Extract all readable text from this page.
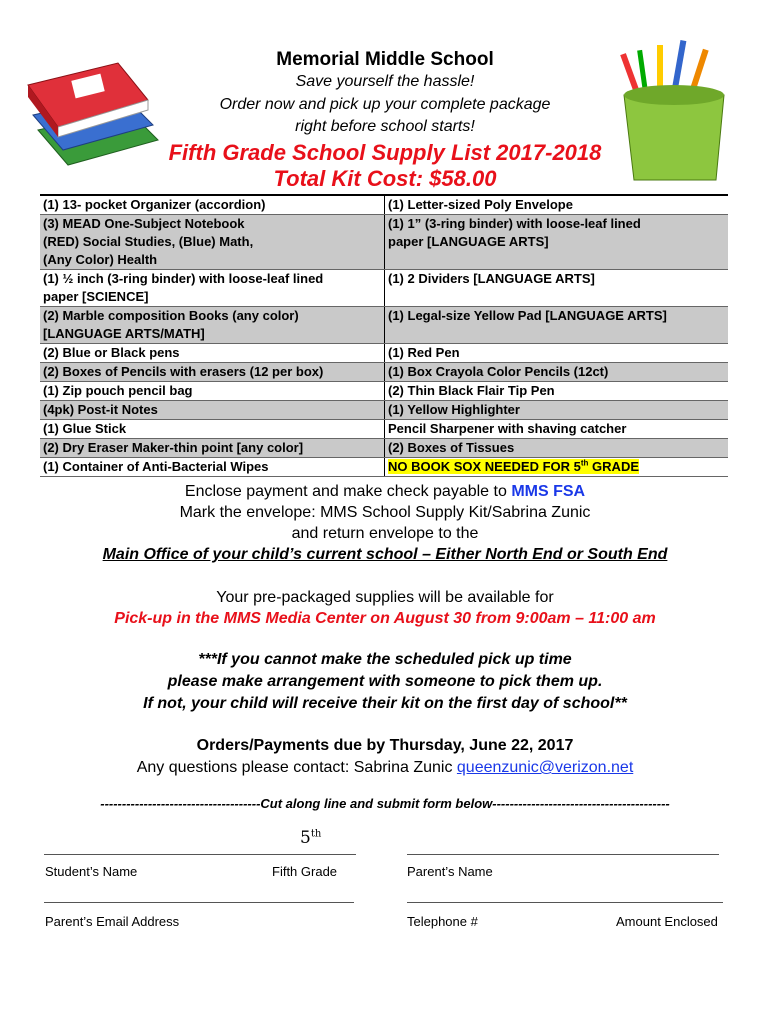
Memorial Middle School
Save yourself the hassle!
Order now and pick up your complete package
right before school starts!
Fifth Grade School Supply List 2017-2018
Total Kit Cost: $58.00
(1) 13- pocket Organizer (accordion)	(1) Letter-sized Poly Envelope
(3) MEAD One-Subject Notebook
(RED) Social Studies, (Blue) Math,
(Any Color) Health	(1) 1” (3-ring binder) with loose-leaf lined
paper [LANGUAGE ARTS]
(1) ½ inch (3-ring binder) with loose-leaf lined
paper [SCIENCE]	(1) 2 Dividers [LANGUAGE ARTS]
(2) Marble composition Books (any color)
[LANGUAGE ARTS/MATH]	(1) Legal-size Yellow Pad [LANGUAGE ARTS]
(2) Blue or Black pens	(1) Red Pen
(2) Boxes of Pencils with erasers (12 per box)	(1) Box Crayola Color Pencils (12ct)
(1) Zip pouch pencil bag	(2) Thin Black Flair Tip Pen
(4pk) Post-it Notes	(1) Yellow Highlighter
(1) Glue Stick	Pencil Sharpener with shaving catcher
(2) Dry Eraser Maker-thin point [any color]	(2) Boxes of Tissues
(1) Container of Anti-Bacterial Wipes	NO BOOK SOX NEEDED FOR 5th GRADE
Enclose payment and make check payable to MMS FSA
Mark the envelope: MMS School Supply Kit/Sabrina Zunic
and return envelope to the
Main Office of your child’s current school – Either North End or South End
Your pre-packaged supplies will be available for
Pick-up in the MMS Media Center on August 30 from 9:00am – 11:00 am
***If you cannot make the scheduled pick up time
please make arrangement with someone to pick them up.
If not, your child will receive their kit on the first day of school**
Orders/Payments due by Thursday, June 22, 2017
Any questions please contact: Sabrina Zunic queenzunic@verizon.net
-------------------------------------Cut along line and submit form below-----------------------------------------
5th
Student’s Name	Fifth Grade	Parent’s Name
Parent’s Email Address	Telephone #	Amount Enclosed
